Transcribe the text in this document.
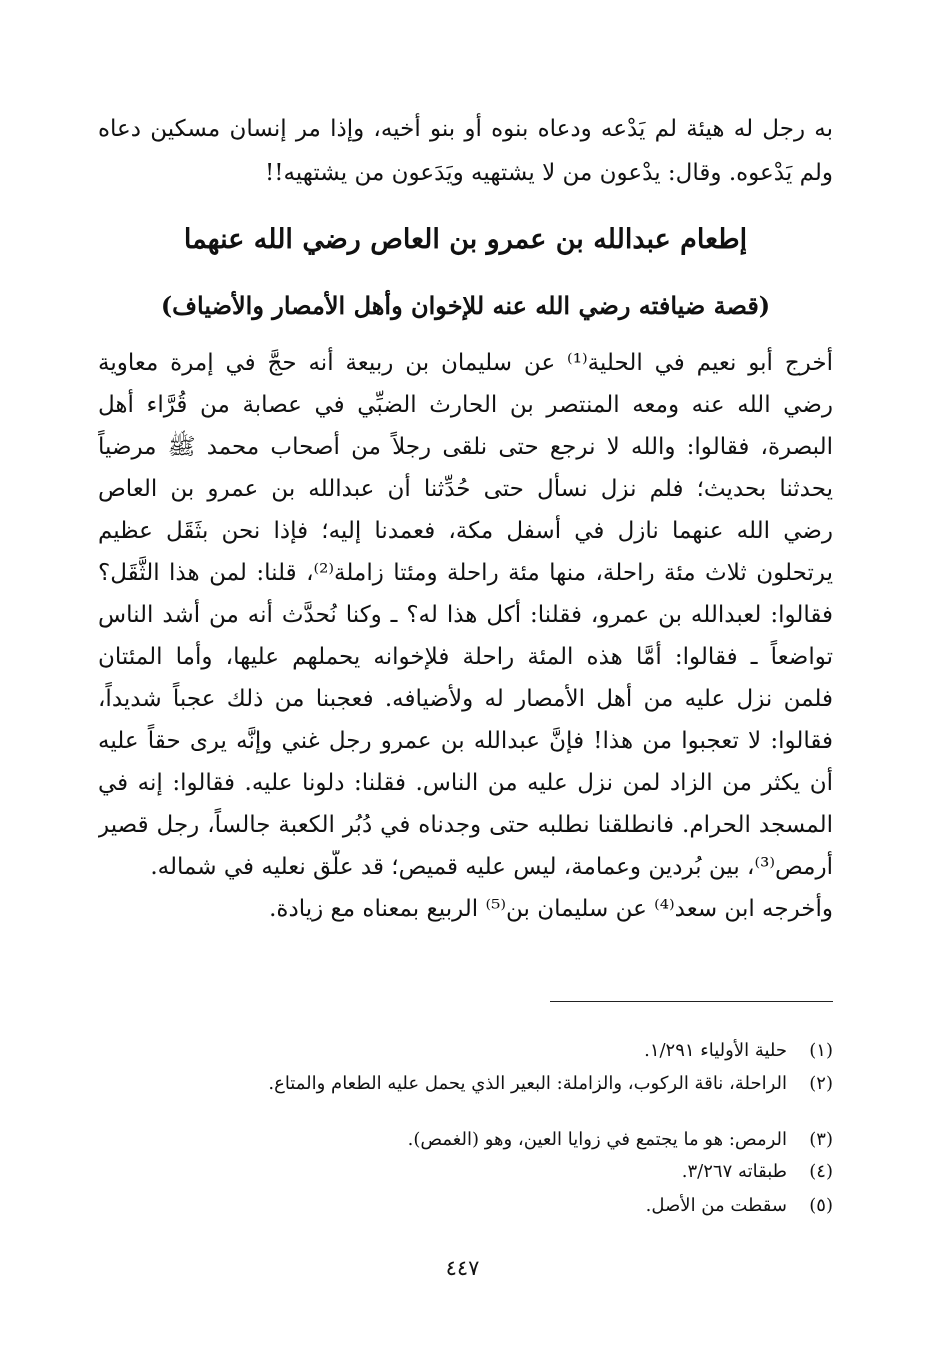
به رجل له هيئة لم يَدْعه ودعاه بنوه أو بنو أخيه، وإذا مر إنسان مسكين دعاه
ولم يَدْعوه. وقال: يدْعون من لا يشتهيه ويَدَعون من يشتهيه!!
إطعام عبدالله بن عمرو بن العاص رضي الله عنهما
(قصة ضيافته رضي الله عنه للإخوان وأهل الأمصار والأضياف)
أخرج أبو نعيم في الحلية⁽¹⁾ عن سليمان بن ربيعة أنه حجَّ في إمرة معاوية
رضي الله عنه ومعه المنتصر بن الحارث الضبِّي في عصابة من قُرَّاء أهل
البصرة، فقالوا: والله لا نرجع حتى نلقى رجلاً من أصحاب محمد ﷺ مرضياً
يحدثنا بحديث؛ فلم نزل نسأل حتى حُدِّثنا أن عبدالله بن عمرو بن العاص
رضي الله عنهما نازل في أسفل مكة، فعمدنا إليه؛ فإذا نحن بثَقَل عظيم
يرتحلون ثلاث مئة راحلة، منها مئة راحلة ومئتا زاملة⁽²⁾، قلنا: لمن هذا الثَّقَل؟
فقالوا: لعبدالله بن عمرو، فقلنا: أكل هذا له؟ ـ وكنا نُحدَّث أنه من أشد الناس
تواضعاً ـ فقالوا: أمَّا هذه المئة راحلة فلإخوانه يحملهم عليها، وأما المئتان
فلمن نزل عليه من أهل الأمصار له ولأضيافه. فعجبنا من ذلك عجباً شديداً،
فقالوا: لا تعجبوا من هذا! فإنَّ عبدالله بن عمرو رجل غني وإنَّه يرى حقاً عليه
أن يكثر من الزاد لمن نزل عليه من الناس. فقلنا: دلونا عليه. فقالوا: إنه في
المسجد الحرام. فانطلقنا نطلبه حتى وجدناه في دُبُر الكعبة جالساً، رجل قصير
أرمص⁽³⁾، بين بُردين وعمامة، ليس عليه قميص؛ قد علَّق نعليه في شماله.
وأخرجه ابن سعد⁽⁴⁾ عن سليمان بن⁽⁵⁾ الربيع بمعناه مع زيادة.
(١)حلية الأولياء ١/٢٩١.
(٢)الراحلة، ناقة الركوب، والزاملة: البعير الذي يحمل عليه الطعام والمتاع.
(٣)الرمص: هو ما يجتمع في زوايا العين، وهو (الغمص).
(٤)طبقاته ٣/٢٦٧.
(٥)سقطت من الأصل.
٤٤٧
